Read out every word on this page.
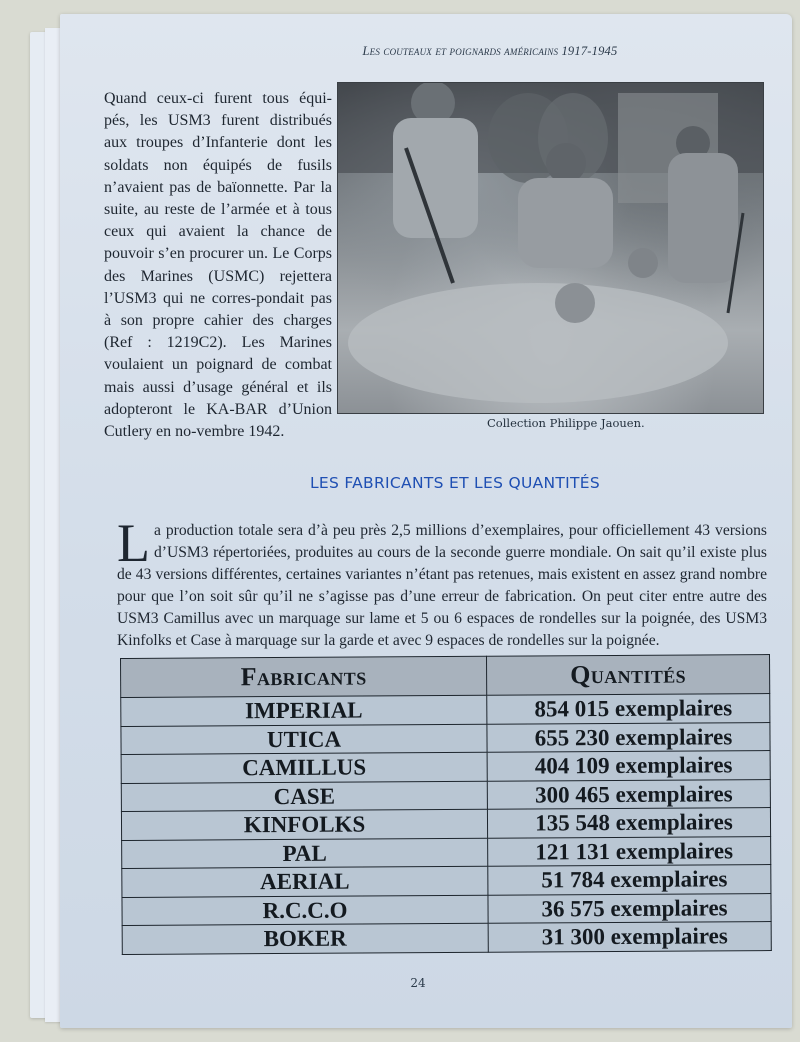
Les couteaux et poignards américains 1917-1945
Quand ceux-ci furent tous équi-pés, les USM3 furent distribués aux troupes d’Infanterie dont les soldats non équipés de fusils n’avaient pas de baïonnette. Par la suite, au reste de l’armée et à tous ceux qui avaient la chance de pouvoir s’en procurer un. Le Corps des Marines (USMC) rejettera l’USM3 qui ne corres-pondait pas à son propre cahier des charges (Ref : 1219C2). Les Marines voulaient un poignard de combat mais aussi d’usage général et ils adopteront le KA-BAR d’Union Cutlery en no-vembre 1942.
Collection Philippe Jaouen.
LES FABRICANTS ET LES QUANTITÉS
La production totale sera d’à peu près 2,5 millions d’exemplaires, pour officiellement 43 versions d’USM3 répertoriées, produites au cours de la seconde guerre mondiale. On sait qu’il existe plus de 43 versions différentes, certaines variantes n’étant pas retenues, mais existent en assez grand nombre pour que l’on soit sûr qu’il ne s’agisse pas d’une erreur de fabrication. On peut citer entre autre des USM3 Camillus avec un marquage sur lame et 5 ou 6 espaces de rondelles sur la poignée, des USM3 Kinfolks et Case à marquage sur la garde et avec 9 espaces de rondelles sur la poignée.
Fabricants	Quantités
IMPERIAL	854 015 exemplaires
UTICA	655 230 exemplaires
CAMILLUS	404 109 exemplaires
CASE	300 465 exemplaires
KINFOLKS	135 548 exemplaires
PAL	121 131 exemplaires
AERIAL	51 784 exemplaires
R.C.C.O	36 575 exemplaires
BOKER	31 300 exemplaires
24
